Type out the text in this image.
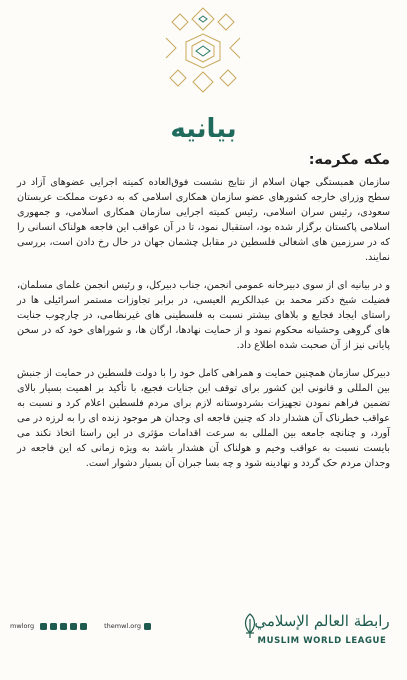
بیانیه
مکه مکرمه:

سازمان همبستگی جهان اسلام از نتایج نشست فوق‌العاده کمیته اجرایی عضوهای آزاد در سطح وزرای خارجه کشورهای عضو سازمان همکاری اسلامی که به دعوت مملکت عربستان سعودی، رئیس سران اسلامی، رئیس کمیته اجرایی سازمان همکاری اسلامی، و جمهوری اسلامی پاکستان برگزار شده بود، استقبال نمود، تا در آن عواقب این فاجعه هولناک انسانی را که در سرزمین های اشغالی فلسطین در مقابل چشمان جهان در حال رخ دادن است، بررسی نمایند.

و در بیانیه ای از سوی دبیرخانه عمومی انجمن، جناب دبیرکل، و رئیس انجمن علمای مسلمان، فضیلت شیخ دکتر محمد بن عبدالکریم العیسی، در برابر تجاوزات مستمر اسرائیلی ها در راستای ایجاد فجایع و بلاهای بیشتر نسبت به فلسطینی های غیرنظامی، در چارچوب جنایت های گروهی وحشیانه محکوم نمود و از حمایت نهادها، ارگان ها، و شوراهای خود که در سخن پایانی نیز از آن صحبت شده اطلاع داد.

دبیرکل سازمان همچنین حمایت و همراهی کامل خود را با دولت فلسطین در حمایت از جنبش بین المللی و قانونی این کشور برای توقف این جنایات فجیع، با تأکید بر اهمیت بسیار بالای تضمین فراهم نمودن تجهیزات بشردوستانه لازم برای مردم فلسطین اعلام کرد و نسبت به عواقب خطرناک آن هشدار داد که چنین فاجعه ای وجدان هر موجود زنده ای را به لرزه در می آورد، و چنانچه جامعه بین المللی به سرعت اقدامات مؤثری در این راستا اتخاذ نکند می بایست نسبت به عواقب وخیم و هولناک آن هشدار باشد به ویژه زمانی که این فاجعه در وجدان مردم حک گردد و نهادینه شود و چه بسا جبران آن بسیار دشوار است.

mwlorg	themwl.org	رابطة العالم الإسلامي
MUSLIM WORLD LEAGUE
